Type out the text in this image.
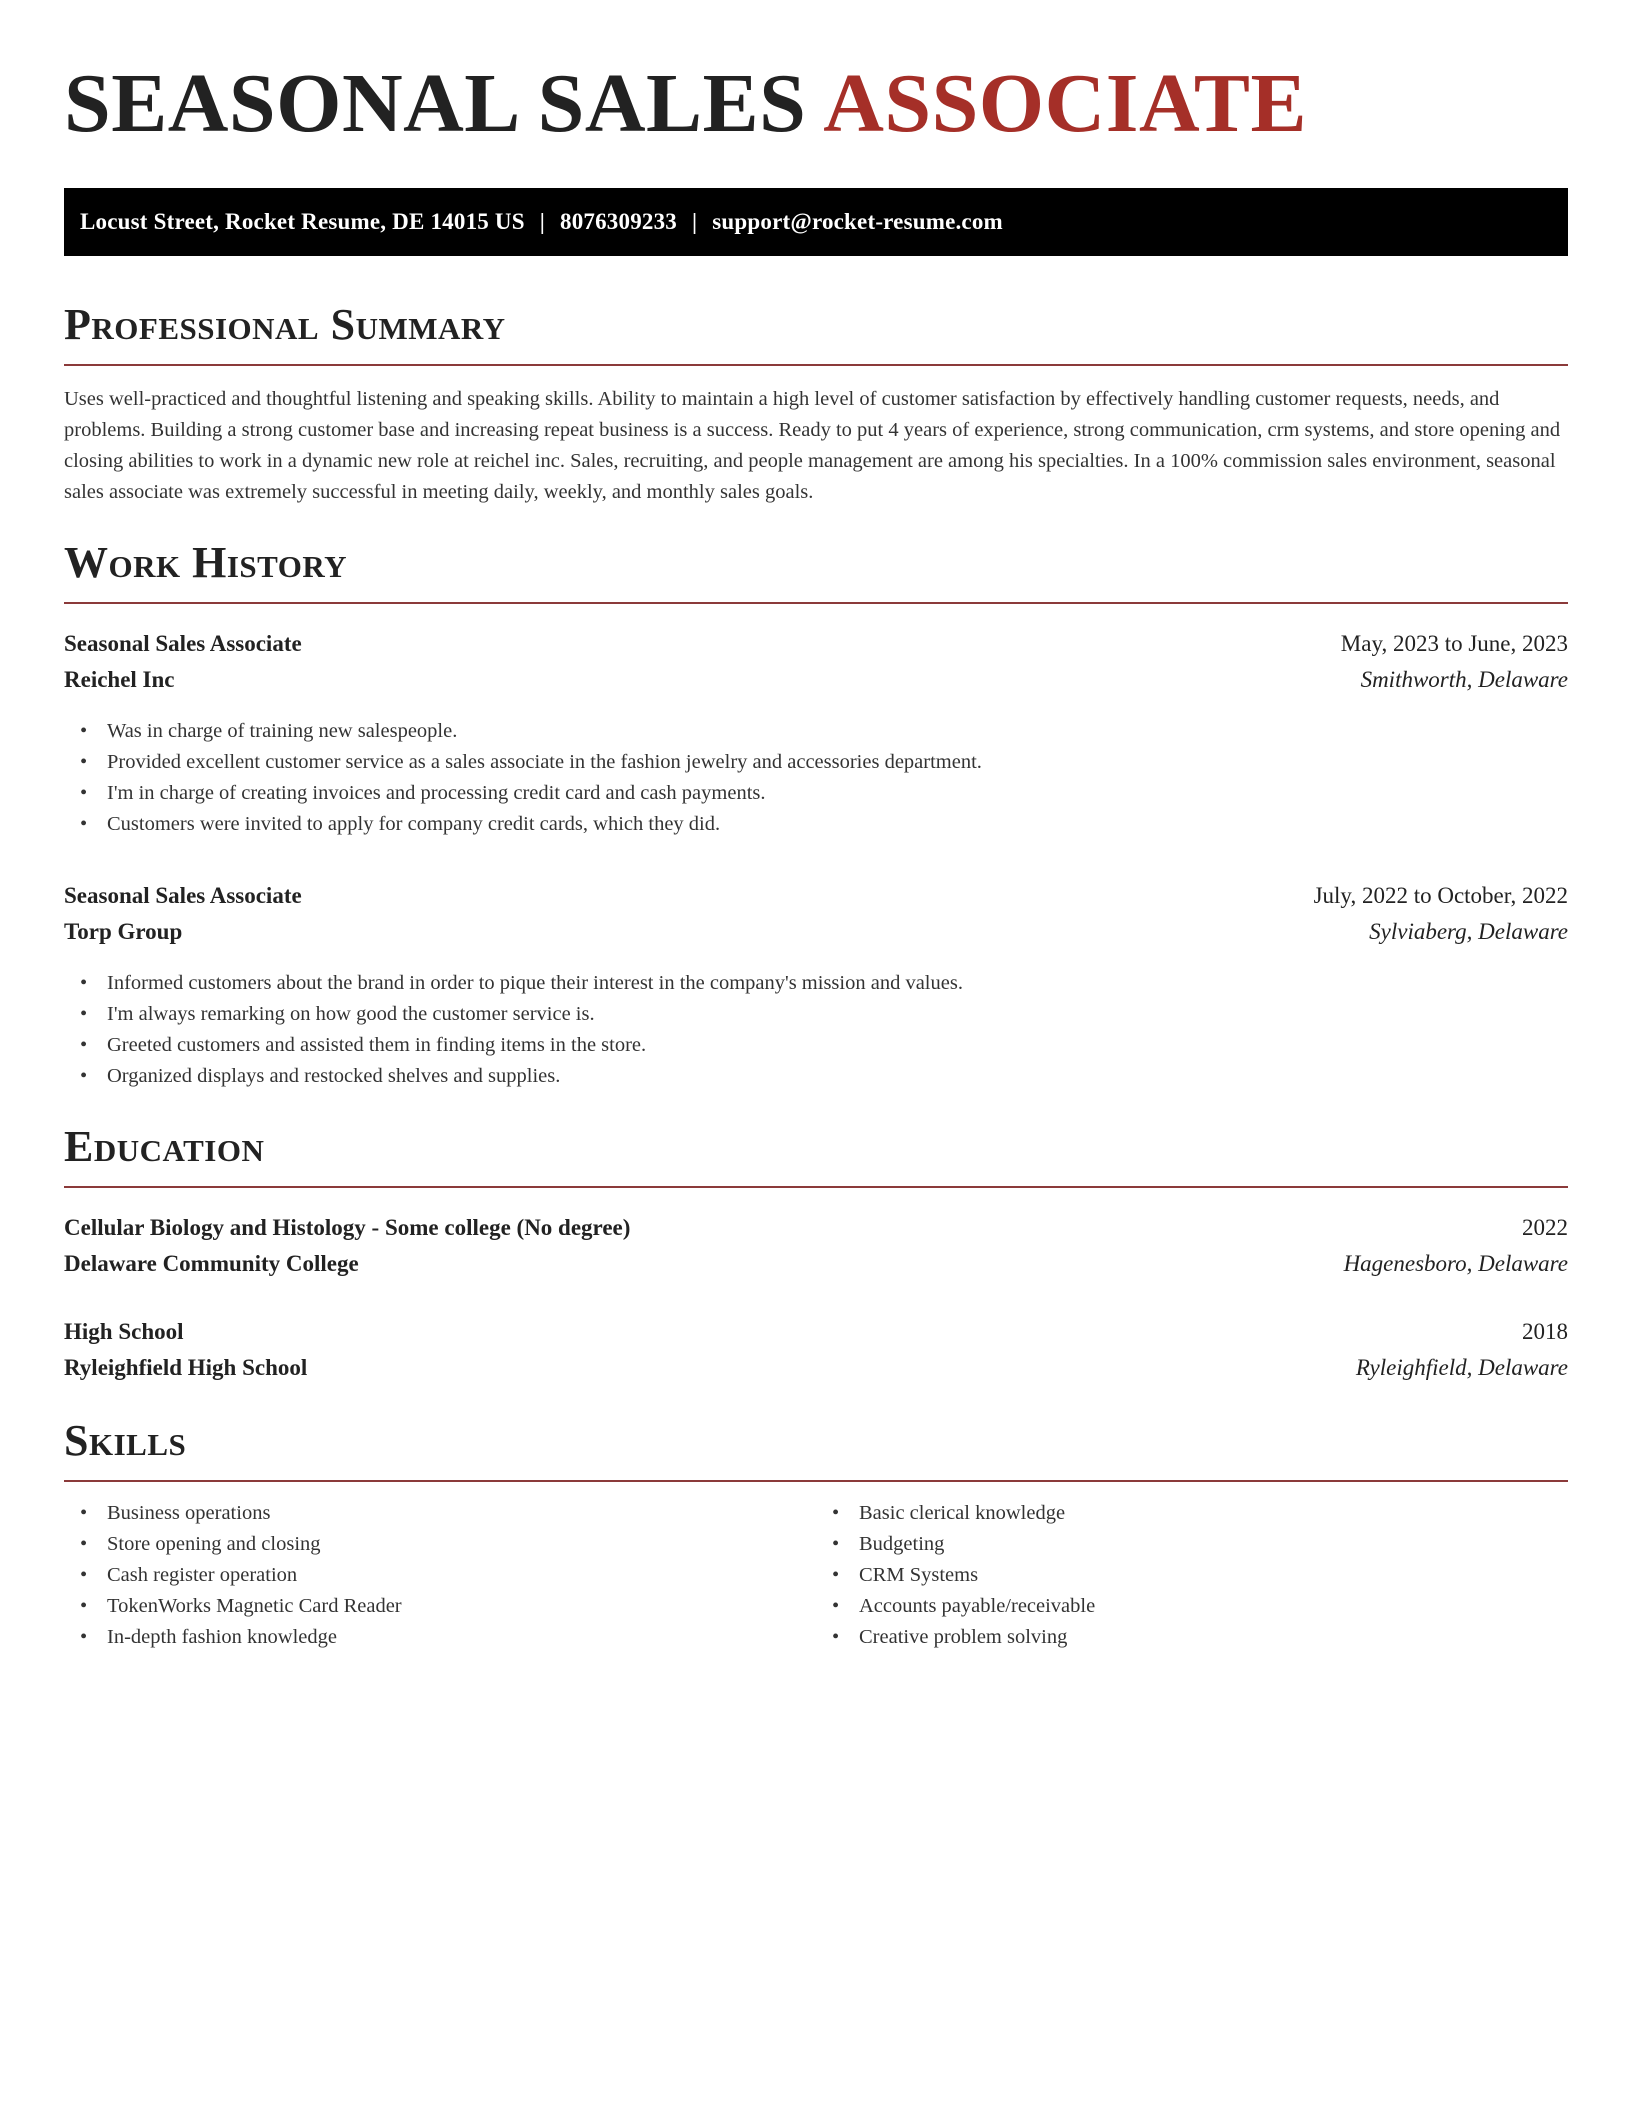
SEASONAL SALES ASSOCIATE
Locust Street, Rocket Resume, DE 14015 US | 8076309233 | support@rocket-resume.com
Professional Summary

Uses well-practiced and thoughtful listening and speaking skills. Ability to maintain a high level of customer satisfaction by effectively handling customer requests, needs, and problems. Building a strong customer base and increasing repeat business is a success. Ready to put 4 years of experience, strong communication, crm systems, and store opening and closing abilities to work in a dynamic new role at reichel inc. Sales, recruiting, and people management are among his specialties. In a 100% commission sales environment, seasonal sales associate was extremely successful in meeting daily, weekly, and monthly sales goals.

Work History
Seasonal Sales Associate	May, 2023 to June, 2023
Reichel Inc	Smithworth, Delaware
• Was in charge of training new salespeople.
• Provided excellent customer service as a sales associate in the fashion jewelry and accessories department.
• I'm in charge of creating invoices and processing credit card and cash payments.
• Customers were invited to apply for company credit cards, which they did.
Seasonal Sales Associate	July, 2022 to October, 2022
Torp Group	Sylviaberg, Delaware
• Informed customers about the brand in order to pique their interest in the company's mission and values.
• I'm always remarking on how good the customer service is.
• Greeted customers and assisted them in finding items in the store.
• Organized displays and restocked shelves and supplies.
Education
Cellular Biology and Histology - Some college (No degree)	2022
Delaware Community College	Hagenesboro, Delaware
High School	2018
Ryleighfield High School	Ryleighfield, Delaware
Skills
• Business operations
• Store opening and closing
• Cash register operation
• TokenWorks Magnetic Card Reader
• In-depth fashion knowledge
• Basic clerical knowledge
• Budgeting
• CRM Systems
• Accounts payable/receivable
• Creative problem solving
